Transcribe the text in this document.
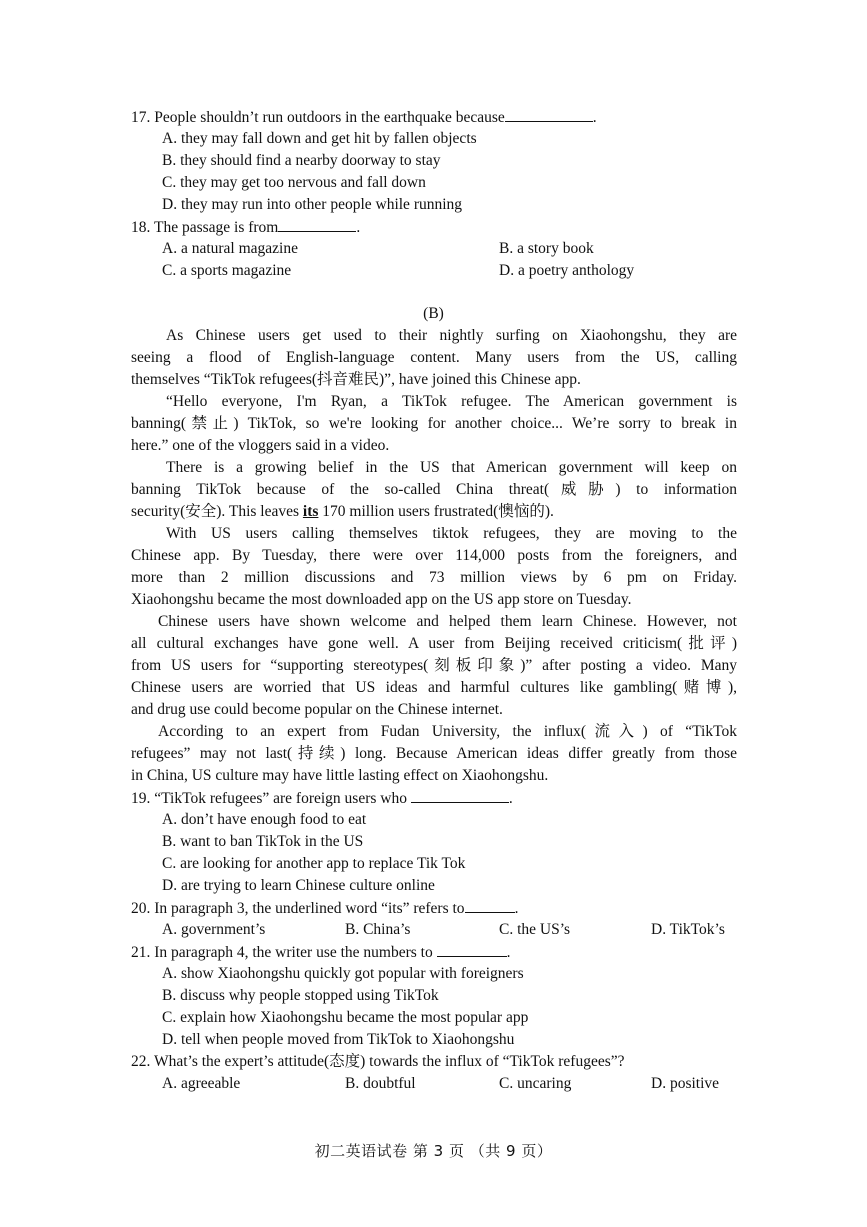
17. People shouldn’t run outdoors in the earthquake because	.
A. they may fall down and get hit by fallen objects
B. they should find a nearby doorway to stay
C. they may get too nervous and fall down
D. they may run into other people while running
18. The passage is from	.
A. a natural magazine	B. a story book
C. a sports magazine	D. a poetry anthology
(B)
As Chinese users get used to their nightly surfing on Xiaohongshu, they are
seeing a flood of English-language content. Many users from the US, calling
themselves “TikTok refugees(抖音难民)”, have joined this Chinese app.
“Hello everyone, I'm Ryan, a TikTok refugee. The American government is
banning(禁止) TikTok, so we're looking for another choice... We’re sorry to break in
here.” one of the vloggers said in a video.
There is a growing belief in the US that American government will keep on
banning TikTok because of the so-called China threat(威胁) to information
security(安全). This leaves its 170 million users frustrated(懊恼的).
With US users calling themselves tiktok refugees, they are moving to the
Chinese app. By Tuesday, there were over 114,000 posts from the foreigners, and
more than 2 million discussions and 73 million views by 6 pm on Friday.
Xiaohongshu became the most downloaded app on the US app store on Tuesday.
Chinese users have shown welcome and helped them learn Chinese. However, not
all cultural exchanges have gone well. A user from Beijing received criticism(批评)
from US users for “supporting stereotypes(刻板印象)” after posting a video. Many
Chinese users are worried that US ideas and harmful cultures like gambling(赌博),
and drug use could become popular on the Chinese internet.
According to an expert from Fudan University, the influx(流入) of “TikTok
refugees” may not last(持续) long. Because American ideas differ greatly from those
in China, US culture may have little lasting effect on Xiaohongshu.
19. “TikTok refugees” are foreign users who	.
A. don’t have enough food to eat
B. want to ban TikTok in the US
C. are looking for another app to replace Tik Tok
D. are trying to learn Chinese culture online
20. In paragraph 3, the underlined word “its” refers to	.
A. government’s	B. China’s	C. the US’s	D. TikTok’s
21. In paragraph 4, the writer use the numbers to	.
A. show Xiaohongshu quickly got popular with foreigners
B. discuss why people stopped using TikTok
C. explain how Xiaohongshu became the most popular app
D. tell when people moved from TikTok to Xiaohongshu
22. What’s the expert’s attitude(态度) towards the influx of “TikTok refugees”?
A. agreeable	B. doubtful	C. uncaring	D. positive
初二英语试卷 第 3 页 （共 9 页）
